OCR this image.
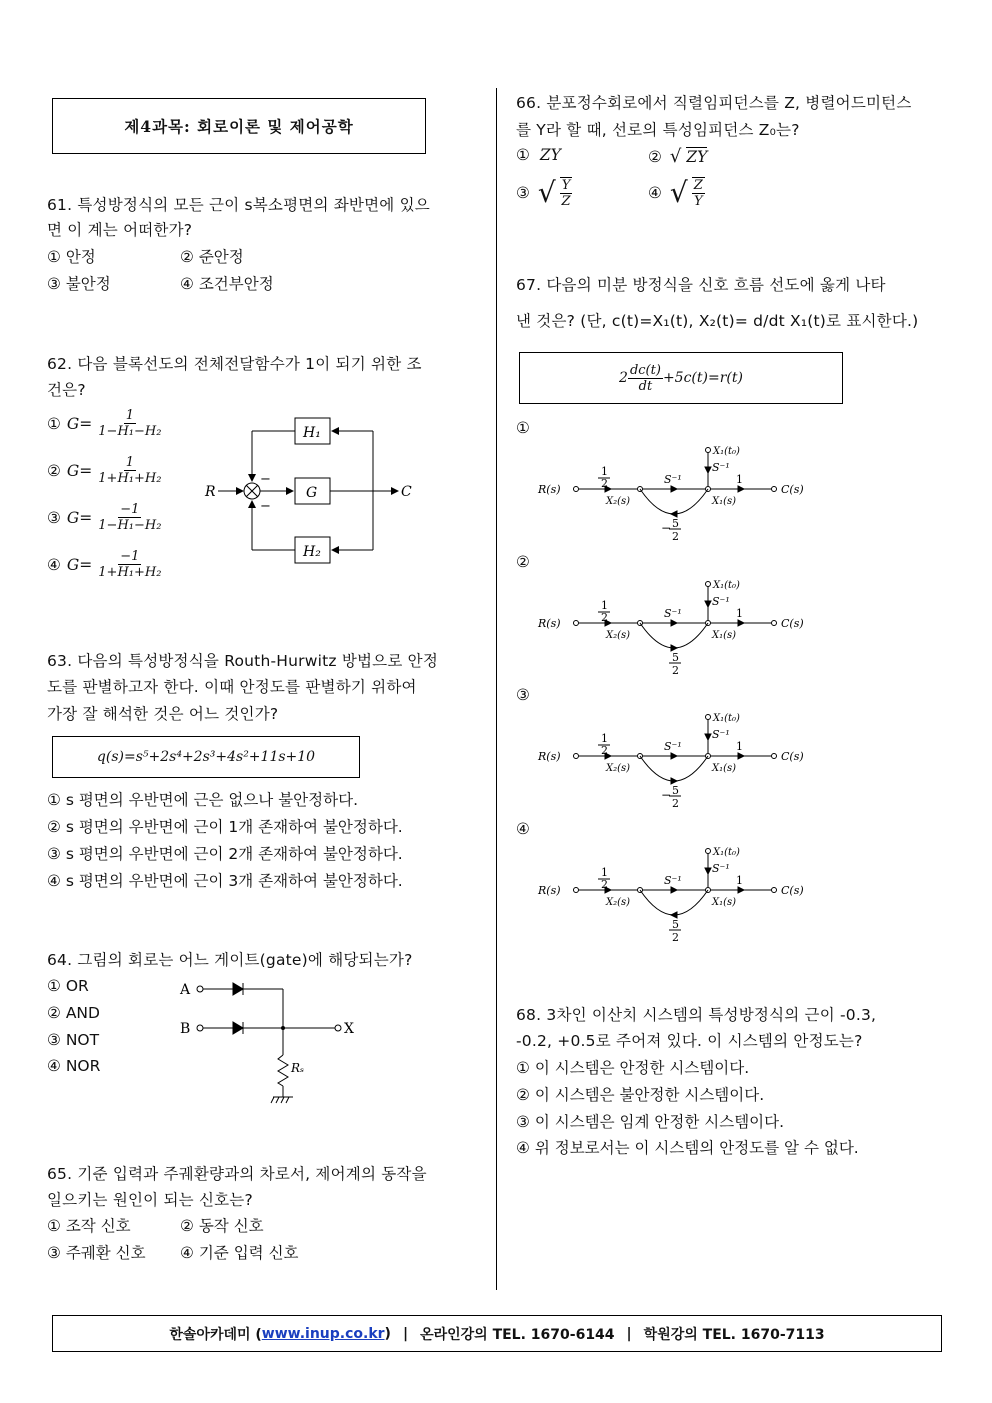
제4과목: 회로이론 및 제어공학
61. 특성방정식의 모든 근이 s복소평면의 좌반면에 있으
면 이 계는 어떠한가?
① 안정	② 준안정
③ 불안정	④ 조건부안정
62. 다음 블록선도의 전체전달함수가 1이 되기 위한 조
건은?
① $G= \frac{1}{\text{1−H₁−H₂}}$
② $G= \frac{1}{\text{1+H₁+H₂}}$
③ $G= \frac{-1}{\text{1−H₁−H₂}}$
④ $G= \frac{-1}{\text{1+H₁+H₂}}$
R	C
G
H₁
H₂
−
−
63. 다음의 특성방정식을 Routh-Hurwitz 방법으로 안정
도를 판별하고자 한다. 이때 안정도를 판별하기 위하여
가장 잘 해석한 것은 어느 것인가?
q(s)=s⁵+2s⁴+2s³+4s²+11s+10
① s 평면의 우반면에 근은 없으나 불안정하다.
② s 평면의 우반면에 근이 1개 존재하여 불안정하다.
③ s 평면의 우반면에 근이 2개 존재하여 불안정하다.
④ s 평면의 우반면에 근이 3개 존재하여 불안정하다.
64. 그림의 회로는 어느 게이트(gate)에 해당되는가?
① OR
② AND
③ NOT
④ NOR
A
B	X
Rₛ
65. 기준 입력과 주궤환량과의 차로서, 제어계의 동작을
일으키는 원인이 되는 신호는?
① 조작 신호	② 동작 신호
③ 주궤환 신호 ④ 기준 입력 신호
66. 분포정수회로에서 직렬임피던스를 Z, 병렬어드미턴스
를 Y라 할 때, 선로의 특성임피던스 Z₀는?
① ZY	② √ ZY
③ √ $\frac{Y}{Z}$	④ √ $\frac{Z}{Y}$
67. 다음의 미분 방정식을 신호 흐름 선도에 옳게 나타
낸 것은? (단, c(t)=X₁(t), X₂(t)= d/dt X₁(t)로 표시한다.)
$2 \frac{dc(t)}{dt} +5c(t)=r(t)$
①
②
③
④
R(s)	C(s)
X₂(s)	X₁(s)
X₁(t₀)
1
2	S⁻¹
S⁻¹
1
− 5
2
R(s)	C(s)
X₂(s)	X₁(s)
X₁(t₀)
1
2	S⁻¹
S⁻¹
1
5
2
R(s)	C(s)
X₂(s)	X₁(s)
X₁(t₀)
1
2	S⁻¹
S⁻¹
1
− 5
2
R(s)	C(s)
X₂(s)	X₁(s)
X₁(t₀)
1
2	S⁻¹
S⁻¹
1
5
2
68. 3차인 이산치 시스템의 특성방정식의 근이 -0.3,
-0.2, +0.5로 주어져 있다. 이 시스템의 안정도는?
① 이 시스템은 안정한 시스템이다.
② 이 시스템은 불안정한 시스템이다.
③ 이 시스템은 임계 안정한 시스템이다.
④ 위 정보로서는 이 시스템의 안정도를 알 수 없다.
한솔아카데미 ( www.inup.co.kr ) | 온라인강의 TEL. 1670-6144 | 학원강의 TEL. 1670-7113
